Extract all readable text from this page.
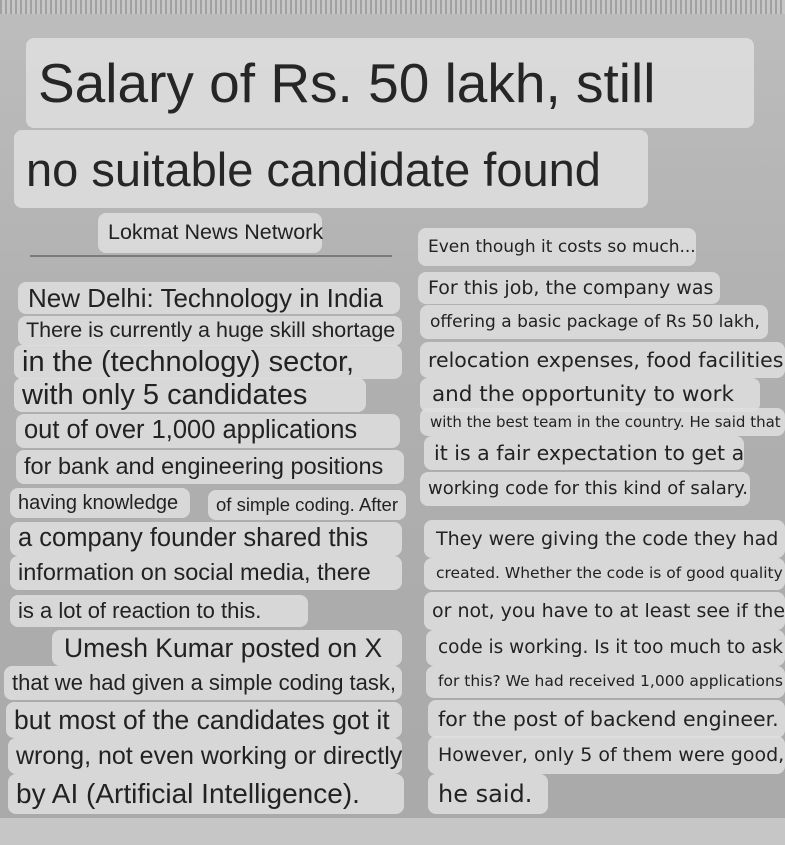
Salary of Rs. 50 lakh, still
no suitable candidate found
Lokmat News Network
Even though it costs so much...
New Delhi: Technology in India
There is currently a huge skill shortage
in the (technology) sector,
with only 5 candidates
out of over 1,000 applications
for bank and engineering positions
having knowledge	of simple coding. After
a company founder shared this
information on social media, there
is a lot of reaction to this.
Umesh Kumar posted on X
that we had given a simple coding task,
but most of the candidates got it
wrong, not even working or directly
by AI (Artificial Intelligence).
For this job, the company was
offering a basic package of Rs 50 lakh,
relocation expenses, food facilities
and the opportunity to work
with the best team in the country. He said that
it is a fair expectation to get a
working code for this kind of salary.
They were giving the code they had
created. Whether the code is of good quality
or not, you have to at least see if the
code is working. Is it too much to ask
for this? We had received 1,000 applications
for the post of backend engineer.
However, only 5 of them were good,
he said.
